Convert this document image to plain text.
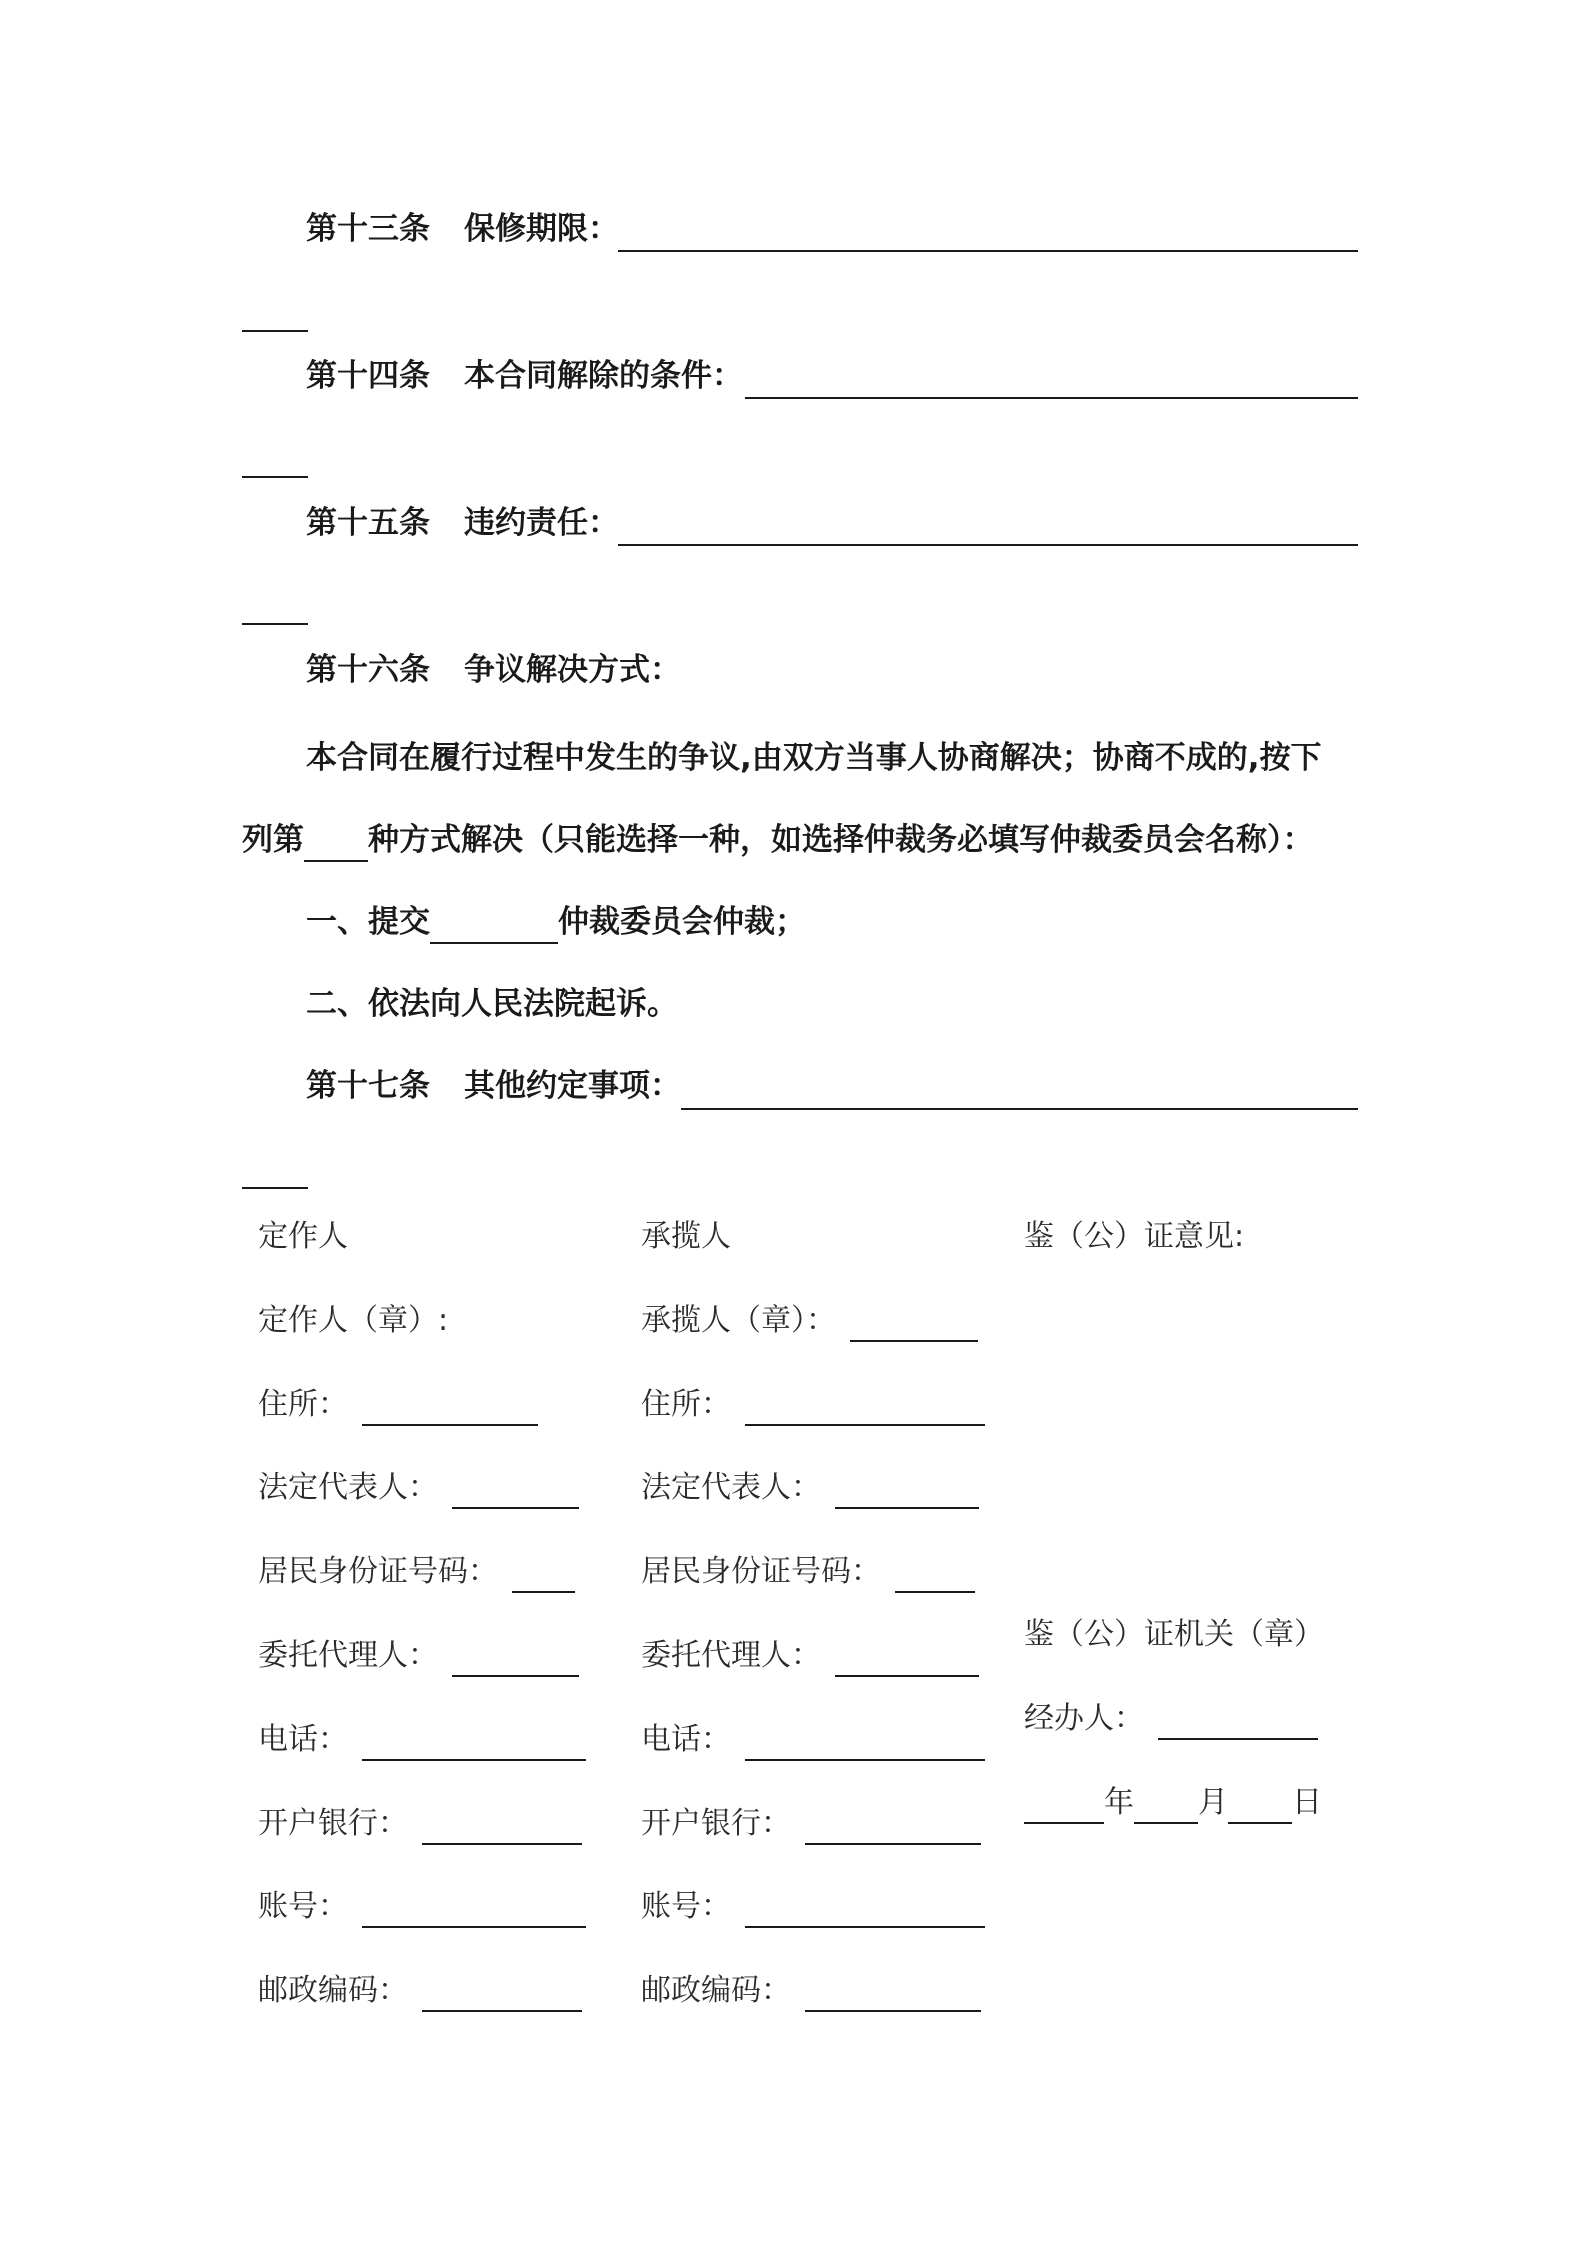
第十三条 保修期限：
第十四条 本合同解除的条件：
第十五条 违约责任：
第十六条 争议解决方式：
本合同在履行过程中发生的争议,由双方当事人协商解决；协商不成的,按下
列第 种方式解决（只能选择一种，如选择仲裁务必填写仲裁委员会名称）：
一、提交	仲裁委员会仲裁；
二、依法向人民法院起诉。
第十七条 其他约定事项：
定作人
定作人（章）:
住所：
法定代表人：
居民身份证号码：
委托代理人：
电话：
开户银行：
账号：
邮政编码：
承揽人
承揽人（章）：
住所：
法定代表人：
居民身份证号码：
委托代理人：
电话：
开户银行：
账号：
邮政编码：
鉴（公）证意见:
鉴（公）证机关（章）
经办人：
年 月 日
